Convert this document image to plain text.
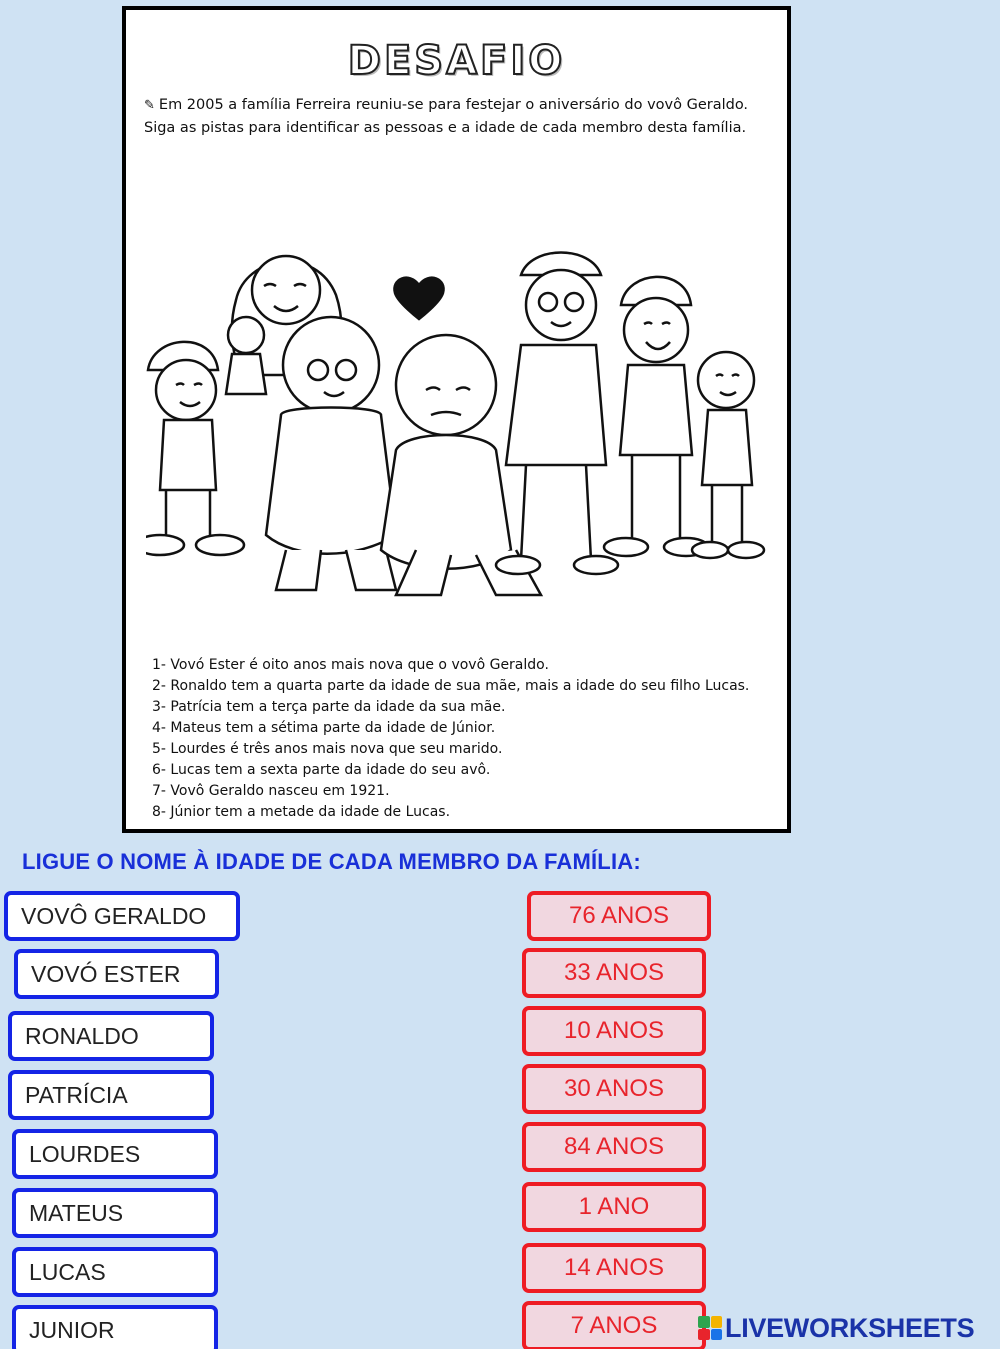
DESAFIO
✎ Em 2005 a família Ferreira reuniu-se para festejar o aniversário do vovô Geraldo.
Siga as pistas para identificar as pessoas e a idade de cada membro desta família.
1- Vovó Ester é oito anos mais nova que o vovô Geraldo.
2- Ronaldo tem a quarta parte da idade de sua mãe, mais a idade do seu filho Lucas.
3- Patrícia tem a terça parte da idade da sua mãe.
4- Mateus tem a sétima parte da idade de Júnior.
5- Lourdes é três anos mais nova que seu marido.
6- Lucas tem a sexta parte da idade do seu avô.
7- Vovô Geraldo nasceu em 1921.
8- Júnior tem a metade da idade de Lucas.
LIGUE O NOME À IDADE DE CADA MEMBRO DA FAMÍLIA:
VOVÔ GERALDO
VOVÓ ESTER
RONALDO
PATRÍCIA
LOURDES
MATEUS
LUCAS
JUNIOR
76 ANOS
33 ANOS
10 ANOS
30 ANOS
84 ANOS
1 ANO
14 ANOS
7 ANOS	LIVEWORKSHEETS
